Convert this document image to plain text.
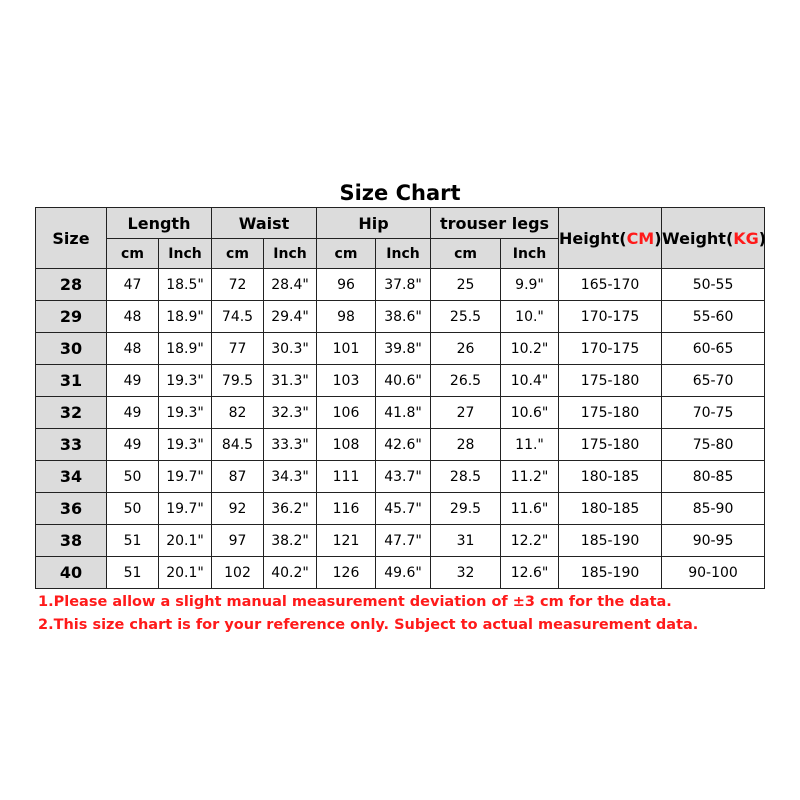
Size Chart
Size	Length		Waist		Hip		trouser legs		Height(CM)	Weight(KG)
	cm	Inch	cm	Inch	cm	Inch	cm	Inch		
28	47	18.5"	72	28.4"	96	37.8"	25	9.9"	165-170	50-55
29	48	18.9"	74.5	29.4"	98	38.6"	25.5	10."	170-175	55-60
30	48	18.9"	77	30.3"	101	39.8"	26	10.2"	170-175	60-65
31	49	19.3"	79.5	31.3"	103	40.6"	26.5	10.4"	175-180	65-70
32	49	19.3"	82	32.3"	106	41.8"	27	10.6"	175-180	70-75
33	49	19.3"	84.5	33.3"	108	42.6"	28	11."	175-180	75-80
34	50	19.7"	87	34.3"	111	43.7"	28.5	11.2"	180-185	80-85
36	50	19.7"	92	36.2"	116	45.7"	29.5	11.6"	180-185	85-90
38	51	20.1"	97	38.2"	121	47.7"	31	12.2"	185-190	90-95
40	51	20.1"	102	40.2"	126	49.6"	32	12.6"	185-190	90-100
1.Please allow a slight manual measurement deviation of ±3 cm for the data.
2.This size chart is for your reference only. Subject to actual measurement data.
